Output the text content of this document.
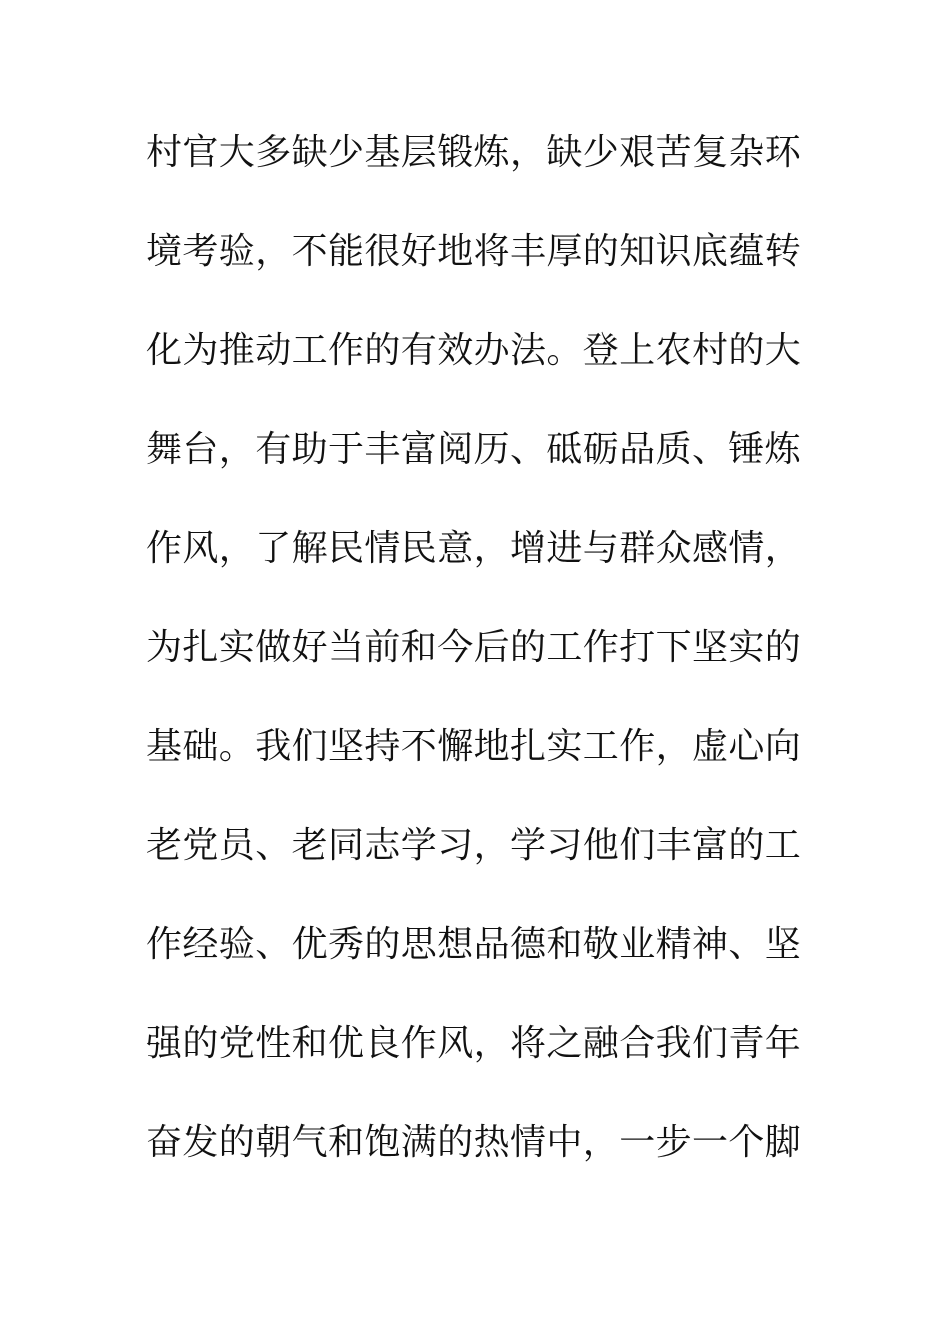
村官大多缺少基层锻炼，缺少艰苦复杂环
境考验，不能很好地将丰厚的知识底蕴转
化为推动工作的有效办法。登上农村的大
舞台，有助于丰富阅历、砥砺品质、锤炼
作风，了解民情民意，增进与群众感情，
为扎实做好当前和今后的工作打下坚实的
基础。我们坚持不懈地扎实工作，虚心向
老党员、老同志学习，学习他们丰富的工
作经验、优秀的思想品德和敬业精神、坚
强的党性和优良作风，将之融合我们青年
奋发的朝气和饱满的热情中，一步一个脚
